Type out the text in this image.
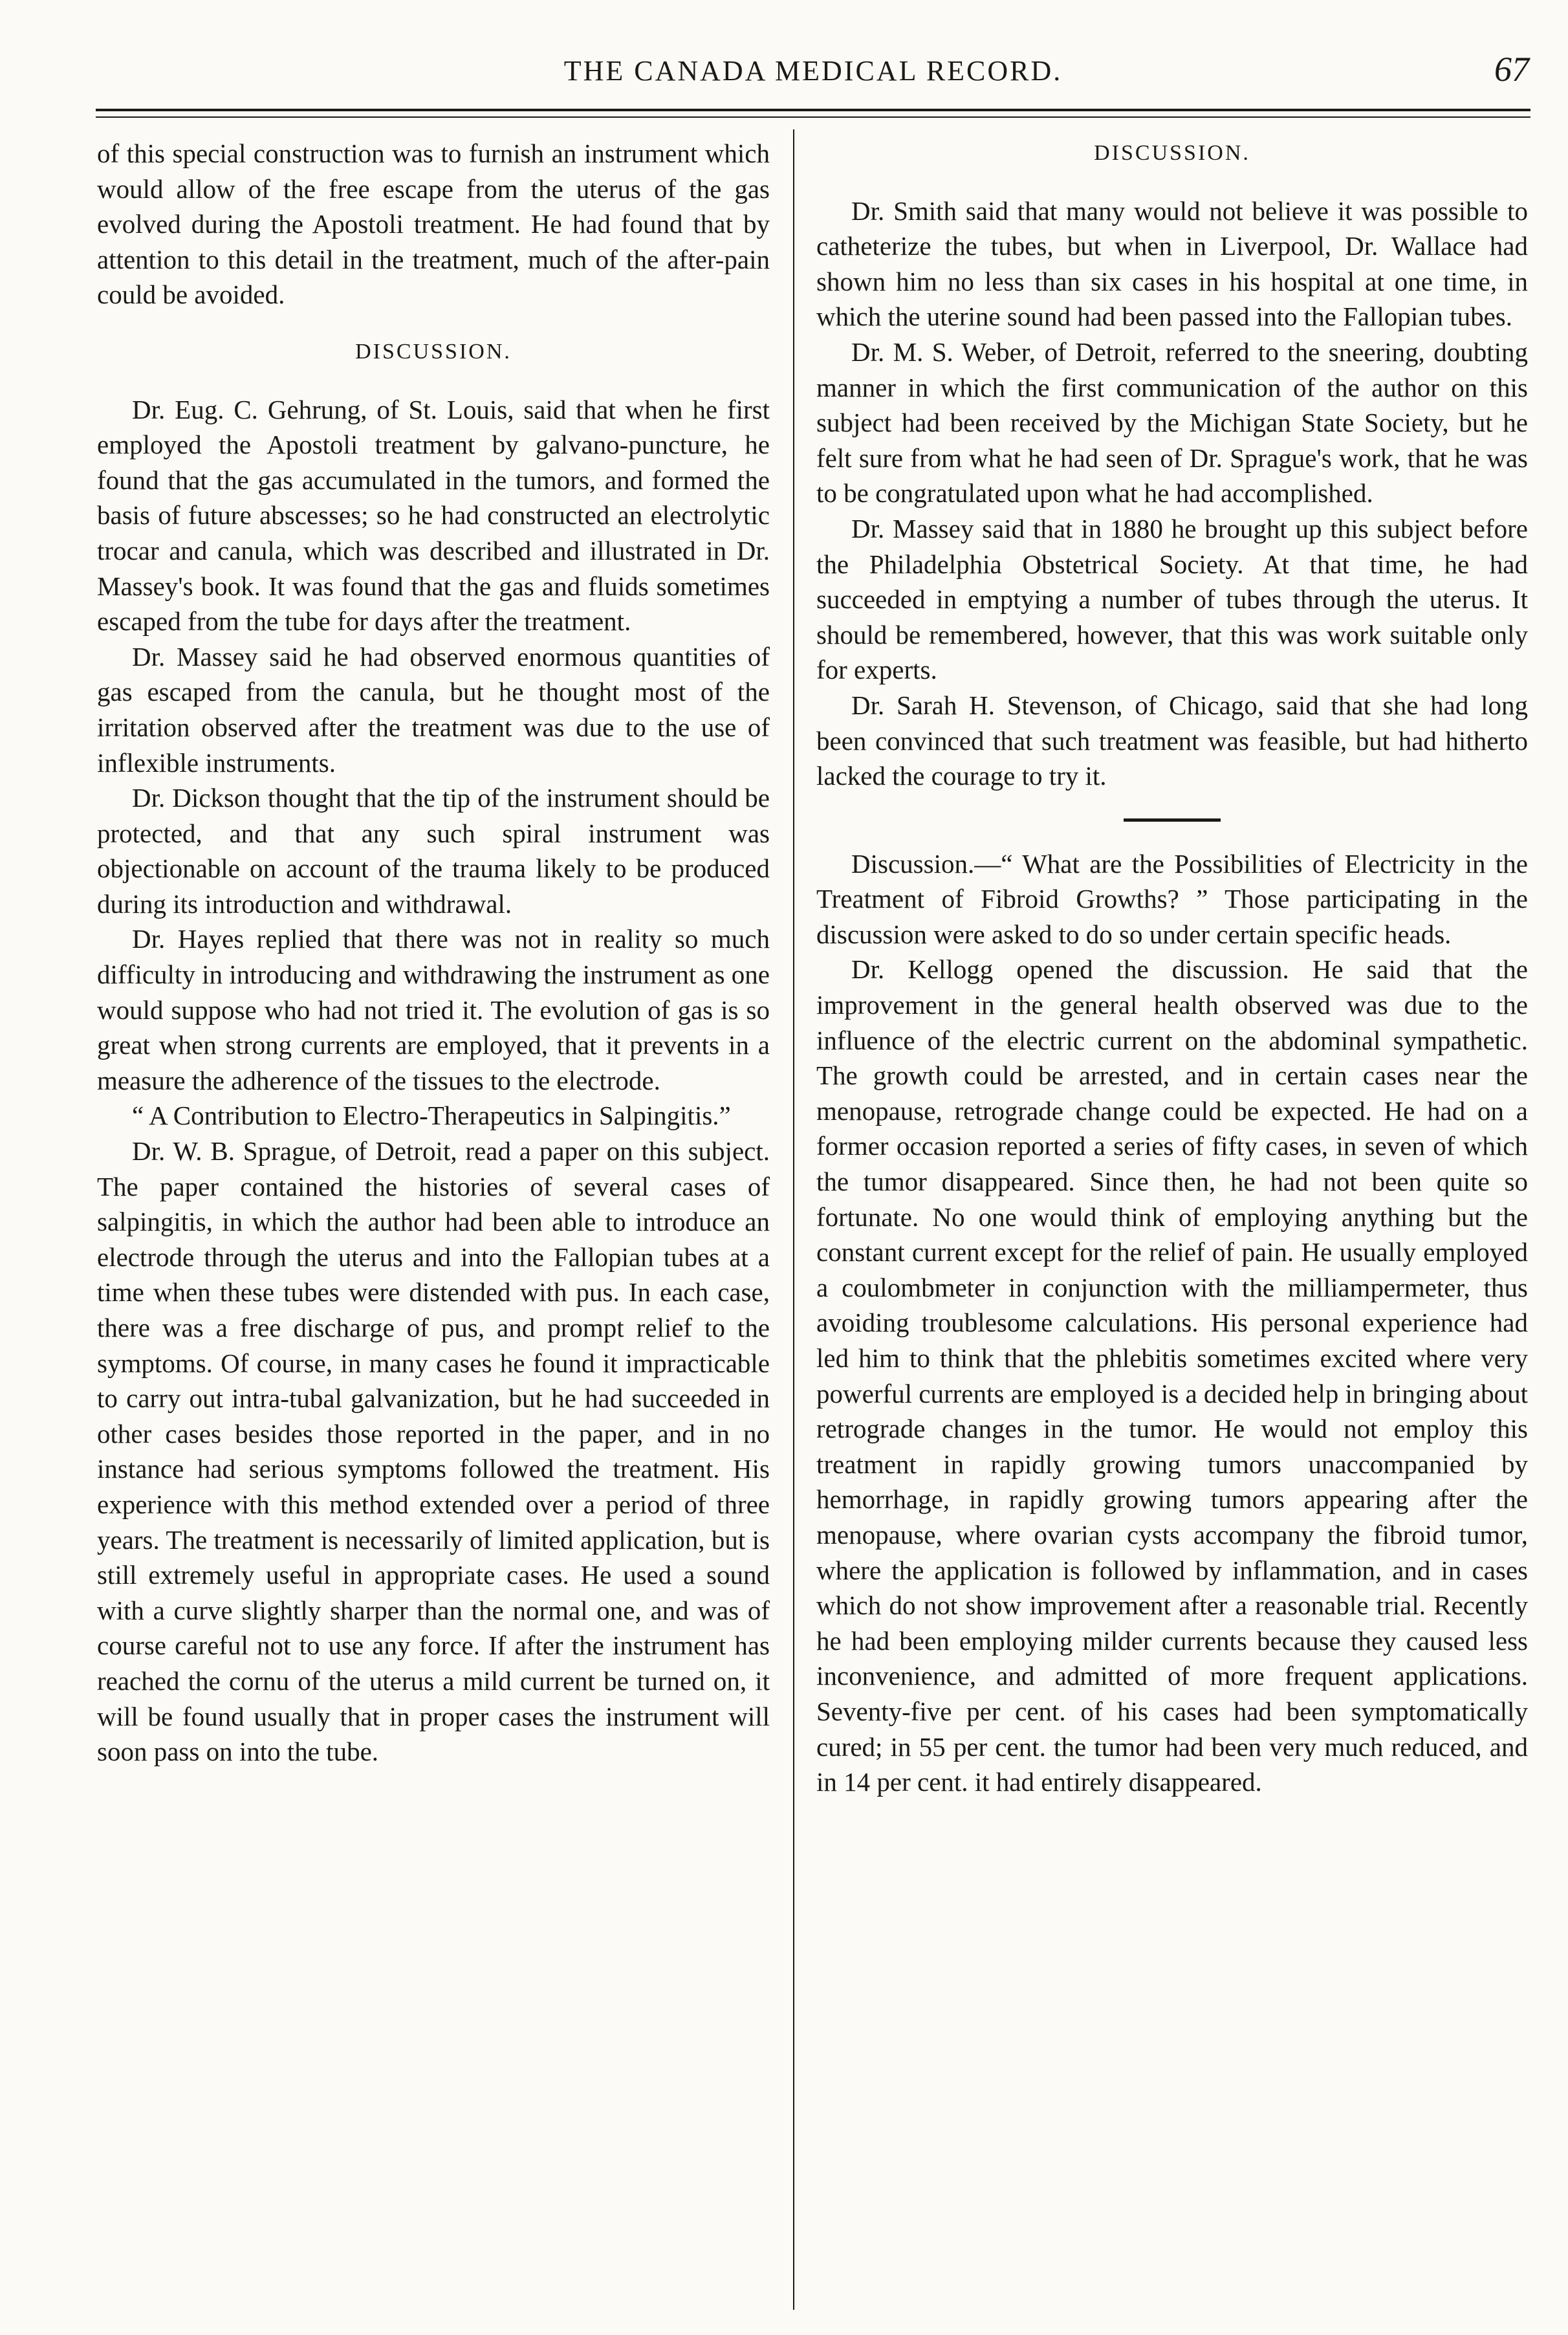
THE CANADA MEDICAL RECORD.	67

of this special construction was to furnish an instrument which would allow of the free escape from the uterus of the gas evolved during the Apostoli treatment. He had found that by attention to this detail in the treatment, much of the after-pain could be avoided.

DISCUSSION.

Dr. Eug. C. Gehrung, of St. Louis, said that when he first employed the Apostoli treatment by galvano-puncture, he found that the gas accumulated in the tumors, and formed the basis of future abscesses; so he had constructed an electrolytic trocar and canula, which was described and illustrated in Dr. Massey's book. It was found that the gas and fluids sometimes escaped from the tube for days after the treatment.

Dr. Massey said he had observed enormous quantities of gas escaped from the canula, but he thought most of the irritation observed after the treatment was due to the use of inflexible instruments.

Dr. Dickson thought that the tip of the instrument should be protected, and that any such spiral instrument was objectionable on account of the trauma likely to be produced during its introduction and withdrawal.

Dr. Hayes replied that there was not in reality so much difficulty in introducing and withdrawing the instrument as one would suppose who had not tried it. The evolution of gas is so great when strong currents are employed, that it prevents in a measure the adherence of the tissues to the electrode.

“ A Contribution to Electro-Therapeutics in Salpingitis.”

Dr. W. B. Sprague, of Detroit, read a paper on this subject. The paper contained the histories of several cases of salpingitis, in which the author had been able to introduce an electrode through the uterus and into the Fallopian tubes at a time when these tubes were distended with pus. In each case, there was a free discharge of pus, and prompt relief to the symptoms. Of course, in many cases he found it impracticable to carry out intra-tubal galvanization, but he had succeeded in other cases besides those reported in the paper, and in no instance had serious symptoms followed the treatment. His experience with this method extended over a period of three years. The treatment is necessarily of limited application, but is still extremely useful in appropriate cases. He used a sound with a curve slightly sharper than the normal one, and was of course careful not to use any force. If after the instrument has reached the cornu of the uterus a mild current be turned on, it will be found usually that in proper cases the instrument will soon pass on into the tube.

DISCUSSION.

Dr. Smith said that many would not believe it was possible to catheterize the tubes, but when in Liverpool, Dr. Wallace had shown him no less than six cases in his hospital at one time, in which the uterine sound had been passed into the Fallopian tubes.

Dr. M. S. Weber, of Detroit, referred to the sneering, doubting manner in which the first communication of the author on this subject had been received by the Michigan State Society, but he felt sure from what he had seen of Dr. Sprague's work, that he was to be congratulated upon what he had accomplished.

Dr. Massey said that in 1880 he brought up this subject before the Philadelphia Obstetrical Society. At that time, he had succeeded in emptying a number of tubes through the uterus. It should be remembered, however, that this was work suitable only for experts.

Dr. Sarah H. Stevenson, of Chicago, said that she had long been convinced that such treatment was feasible, but had hitherto lacked the courage to try it.

Discussion.—“ What are the Possibilities of Electricity in the Treatment of Fibroid Growths? ” Those participating in the discussion were asked to do so under certain specific heads.

Dr. Kellogg opened the discussion. He said that the improvement in the general health observed was due to the influence of the electric current on the abdominal sympathetic. The growth could be arrested, and in certain cases near the menopause, retrograde change could be expected. He had on a former occasion reported a series of fifty cases, in seven of which the tumor disappeared. Since then, he had not been quite so fortunate. No one would think of employing anything but the constant current except for the relief of pain. He usually employed a coulombmeter in conjunction with the milliampermeter, thus avoiding troublesome calculations. His personal experience had led him to think that the phlebitis sometimes excited where very powerful currents are employed is a decided help in bringing about retrograde changes in the tumor. He would not employ this treatment in rapidly growing tumors unaccompanied by hemorrhage, in rapidly growing tumors appearing after the menopause, where ovarian cysts accompany the fibroid tumor, where the application is followed by inflammation, and in cases which do not show improvement after a reasonable trial. Recently he had been employing milder currents because they caused less inconvenience, and admitted of more frequent applications. Seventy-five per cent. of his cases had been symptomatically cured; in 55 per cent. the tumor had been very much reduced, and in 14 per cent. it had entirely disappeared.
